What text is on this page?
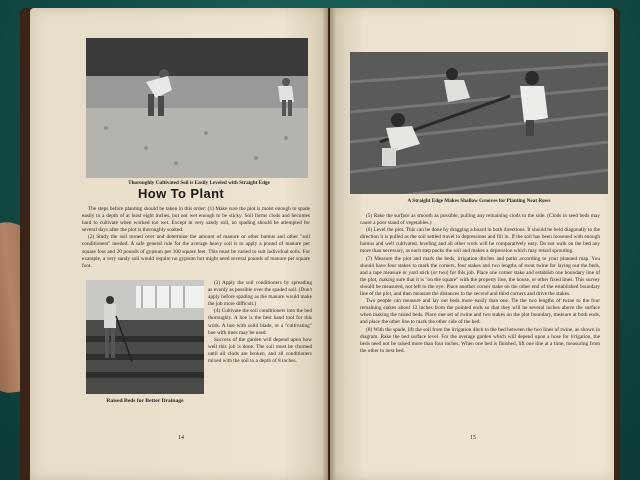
Thoroughly Cultivated Soil is Easily Leveled with Straight Edge
How To Plant

The steps before planting should be taken in this order: (1) Make sure the plot is moist enough to spade easily to a depth of at least eight inches, but not wet enough to be sticky. Soil forms clods and becomes hard to cultivate when worked too wet. Except in very sandy soil, no spading should be attempted for several days after the plot is thoroughly soaked.

(2) Study the soil turned over and determine the amount of manure or other humus and other "soil conditioners" needed. A safe general rule for the average heavy soil is to apply a pound of manure per square foot and 20 pounds of gypsum per 100 square feet. This must be varied to suit individual soils. For example, a very sandy soil would require no gypsum but might need several pounds of manure per square foot.

Raised Beds for Better Drainage

(3) Apply the soil conditioners by spreading as evenly as possible over the spaded soil. (Don't apply before spading as the manure would make the job more difficult.)

(4) Cultivate the soil conditioners into the bed thoroughly. A hoe is the best hand tool for this work. A hoe with solid blade, or a "cultivating" hoe with tines may be used.

Success of the garden will depend upon how well this job is done. The soil must be churned until all clods are broken, and all conditioners mixed with the soil to a depth of 8 inches.

14
A Straight Edge Makes Shallow Grooves for Planting Neat Rows

(5) Rake the surface as smooth as possible, pulling any remaining clods to the side. (Clods in seed beds may cause a poor stand of vegetables.)

(6) Level the plot. This can be done by dragging a board in both directions. It should be held diagonally to the direction it is pulled as the soil settled travel to depressions and fill in. If the soil has been loosened with enough humus and well cultivated, leveling and all other work will be comparatively easy. Do not walk on the bed any more than necessary, as each step packs the soil and makes a depression which may retard sprouting.

(7) Measure the plot and mark the beds, irrigation ditches and paths according to your planned map. You should have four stakes to mark the corners, four stakes and two lengths of stout twine for laying out the beds, and a tape measure or yard stick (or two) for this job. Place one corner stake and establish one boundary line of the plot, making sure that it is "on the square" with the property line, the house, or other fixed lines. This survey should be measured, not left to the eye. Place another corner stake on the other end of the established boundary line of the plot, and then measure the distances to the second and third corners and drive the stakes.

Two people can measure and lay out beds more easily than one. Tie the two lengths of twine to the four remaining stakes about 12 inches from the pointed ends so that they will be several inches above the surface when making the raised beds. Place one set of twine and two stakes on the plot boundary, measure at both ends, and place the other line to mark the other side of the bed.

(8) With the spade, lift the soil from the irrigation ditch to the bed between the two lines of twine, as shown in diagram. Rake the bed surface level. For the average garden which will depend upon a hose for irrigation, the beds need not be raised more than four inches. When one bed is finished, lift one line at a time, measuring from the other to next bed.

15
